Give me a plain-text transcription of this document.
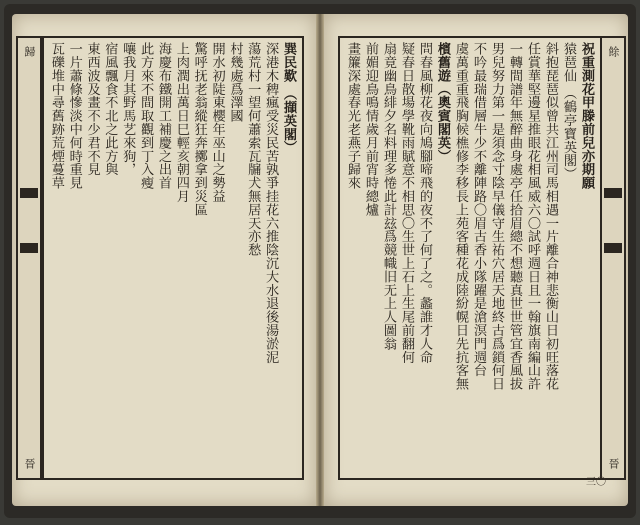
歸
晉
巽民歎 （擷英閣）
深港木稗瘋受災民苦孰爭挂花六推陰沉大水退後湯淤泥
蕩荒村一望何蕭索瓦牖犬無居天亦愁
村幾處爲澤國
開水初陡東櫻年巫山之勢益
驚呼抚老翁縱狂奔擲拿到災區
上肉潤出萬日巳輕亥朝四月
海慶布鐵開工補慶之出首
此方來不間取觀到丁入瘦
嚷我月其野馬艺來狗，
宿風飄食不北之此方與
東西波及畫不少君不見
一片蕭條慘淡中何時重見
瓦礫堆中尋舊跡荒煙蔓草	祝重測花甲滕前兒亦期願
猿琶仙 （鶴亭寶英閣）
斜抱琵琶似曾共江州司馬相遇一片離合神悲衡山日初旺落花
任賞華堅邊星推眼花相風威六〇試呼週日且一翰旗南編山許
一轉間譜年無醉曲身處亭任拾眉總不想聽真世世管宜香風拔
男兒努力第一是須念寸陰早儀守生祐穴居天地終古爲鎖何日
不吟最瑞借層牛少不離陣路〇眉古香小隊躍是滄溟門週台
虞萬重重飛胸候樵修李移長上苑客種花成陸紛幌日先抗客無
檳舊遊（奧賓閣英）
問春風柳花夜向鳩腳啼飛的夜不了何了之。蠡誰才人命
疑春日散場學靴雨賦意不相思〇生世上石上生尾前翻何
扇竟幽鳥緋夕名料理多惓此計玆爲競幟旧无上人圖翁
前媚迎鳥鳴情歲月前宵時總爐
畫簾深處春光老燕子歸來	餘
晉
三〇
